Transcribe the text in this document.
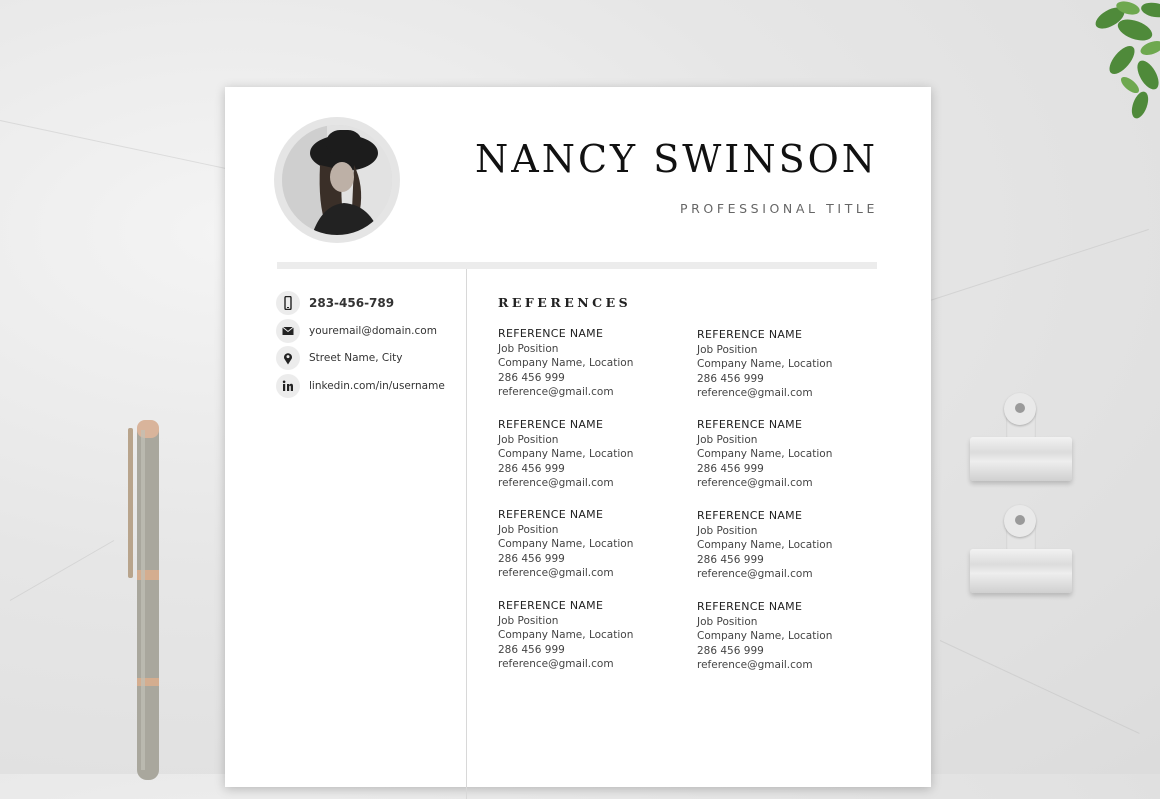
NANCY SWINSON
PROFESSIONAL TITLE
283-456-789
youremail@domain.com
Street Name, City
linkedin.com/in/username
REFERENCES
REFERENCE NAME
Job Position
Company Name, Location
286 456 999
reference@gmail.com
REFERENCE NAME
Job Position
Company Name, Location
286 456 999
reference@gmail.com
REFERENCE NAME
Job Position
Company Name, Location
286 456 999
reference@gmail.com
REFERENCE NAME
Job Position
Company Name, Location
286 456 999
reference@gmail.com
REFERENCE NAME
Job Position
Company Name, Location
286 456 999
reference@gmail.com
REFERENCE NAME
Job Position
Company Name, Location
286 456 999
reference@gmail.com
REFERENCE NAME
Job Position
Company Name, Location
286 456 999
reference@gmail.com
REFERENCE NAME
Job Position
Company Name, Location
286 456 999
reference@gmail.com
